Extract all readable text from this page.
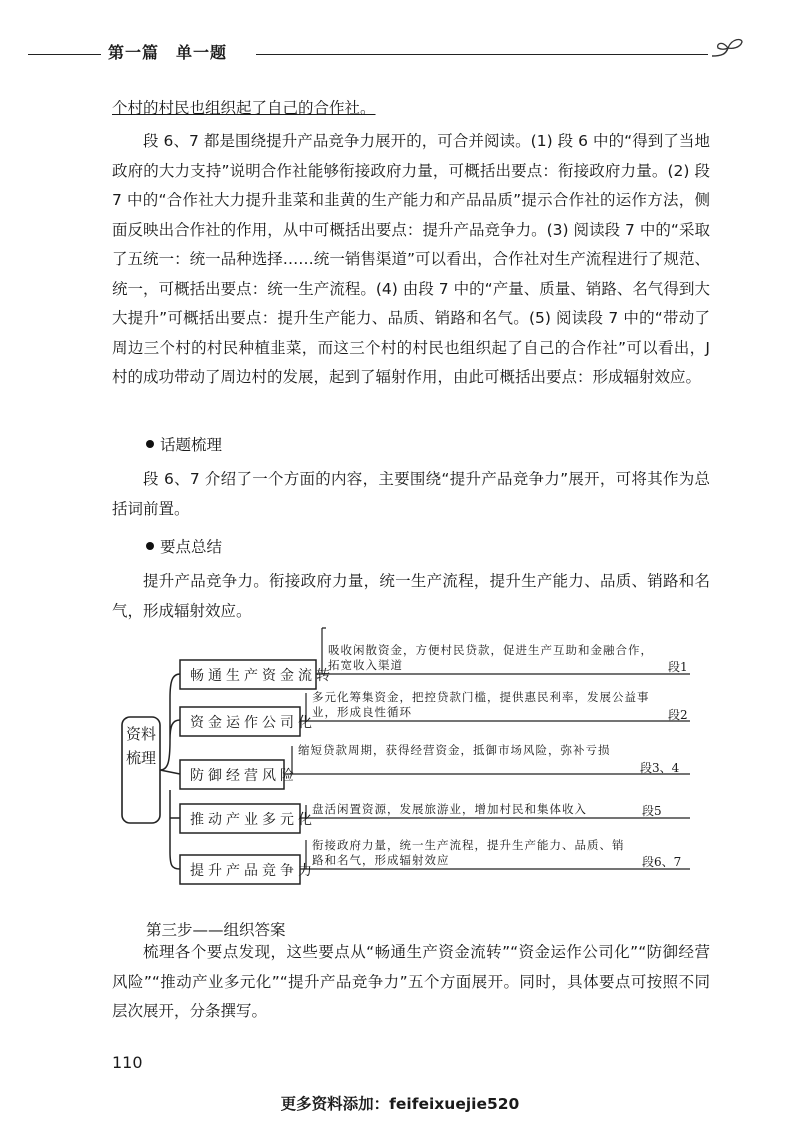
第一篇　单一题

个村的村民也组织起了自己的合作社。

段 6、7 都是围绕提升产品竞争力展开的，可合并阅读。(1) 段 6 中的“得到了当地政府的大力支持”说明合作社能够衔接政府力量，可概括出要点：衔接政府力量。(2) 段 7 中的“合作社大力提升韭菜和韭黄的生产能力和产品品质”提示合作社的运作方法，侧面反映出合作社的作用，从中可概括出要点：提升产品竞争力。(3) 阅读段 7 中的“采取了五统一：统一品种选择……统一销售渠道”可以看出，合作社对生产流程进行了规范、统一，可概括出要点：统一生产流程。(4) 由段 7 中的“产量、质量、销路、名气得到大大提升”可概括出要点：提升生产能力、品质、销路和名气。(5) 阅读段 7 中的“带动了周边三个村的村民种植韭菜，而这三个村的村民也组织起了自己的合作社”可以看出，J 村的成功带动了周边村的发展，起到了辐射作用，由此可概括出要点：形成辐射效应。

话题梳理

段 6、7 介绍了一个方面的内容，主要围绕“提升产品竞争力”展开，可将其作为总括词前置。

要点总结

提升产品竞争力。衔接政府力量，统一生产流程，提升生产能力、品质、销路和名气，形成辐射效应。

资料梳理
畅通生产资金流转
资金运作公司化
防御经营风险
推动产业多元化
提升产品竞争力
吸收闲散资金，方便村民贷款，促进生产互助和金融合作，拓宽收入渠道
多元化筹集资金，把控贷款门槛，提供惠民利率，发展公益事业，形成良性循环
缩短贷款周期，获得经营资金，抵御市场风险，弥补亏损
盘活闲置资源，发展旅游业，增加村民和集体收入
衔接政府力量，统一生产流程，提升生产能力、品质、销路和名气，形成辐射效应
段1
段2
段3、4
段5
段6、7
第三步——组织答案

梳理各个要点发现，这些要点从“畅通生产资金流转”“资金运作公司化”“防御经营风险”“推动产业多元化”“提升产品竞争力”五个方面展开。同时，具体要点可按照不同层次展开，分条撰写。

110
更多资料添加：feifeixuejie520
